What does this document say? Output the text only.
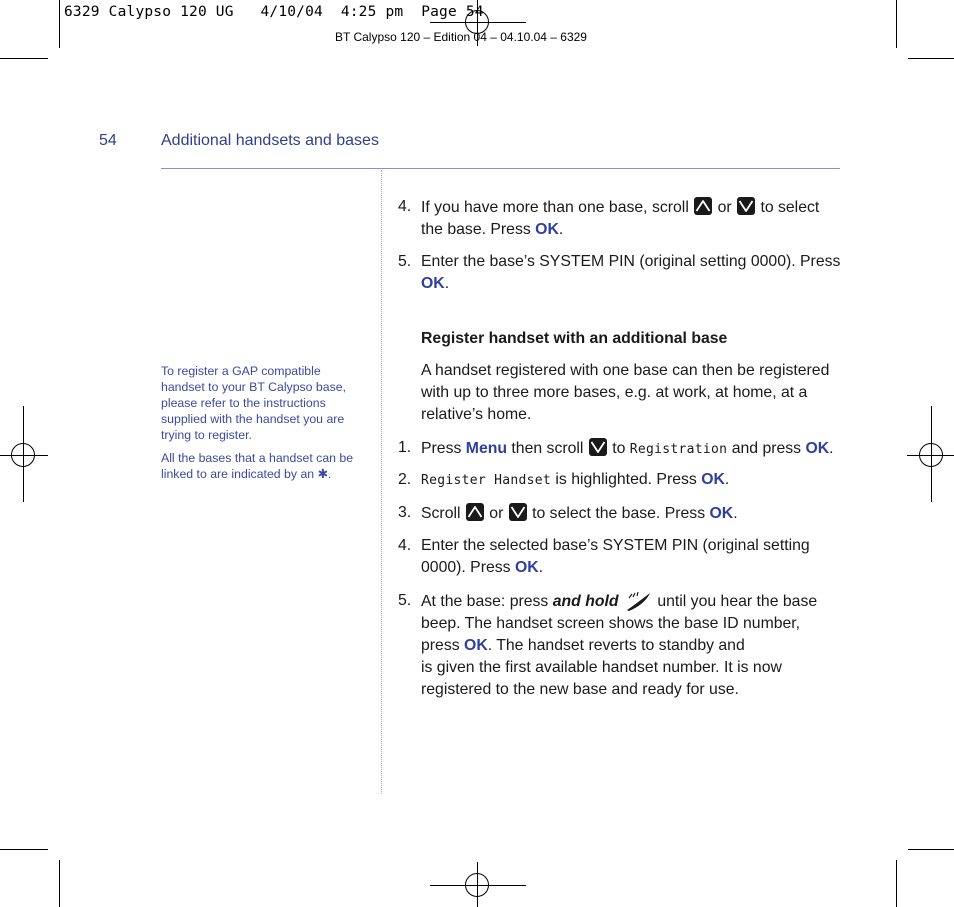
6329 Calypso 120 UG   4/10/04  4:25 pm  Page 54
BT Calypso 120 – Edition 04 – 04.10.04 – 6329
54	Additional handsets and bases
To register a GAP compatible handset to your BT Calypso base, please refer to the instructions supplied with the handset you are trying to register.
All the bases that a handset can be linked to are indicated by an ✱.
4. If you have more than one base, scroll or to select the base. Press OK.
5. Enter the base’s SYSTEM PIN (original setting 0000). Press OK.
Register handset with an additional base
A handset registered with one base can then be registered with up to three more bases, e.g. at work, at home, at a relative’s home.
1. Press Menu then scroll to Registration and press OK.
2. Register Handset is highlighted. Press OK.
3. Scroll or to select the base. Press OK.
4. Enter the selected base’s SYSTEM PIN (original setting 0000). Press OK.
5. At the base: press and hold until you hear the base beep. The handset screen shows the base ID number, press OK. The handset reverts to standby and
is given the first available handset number. It is now registered to the new base and ready for use.
